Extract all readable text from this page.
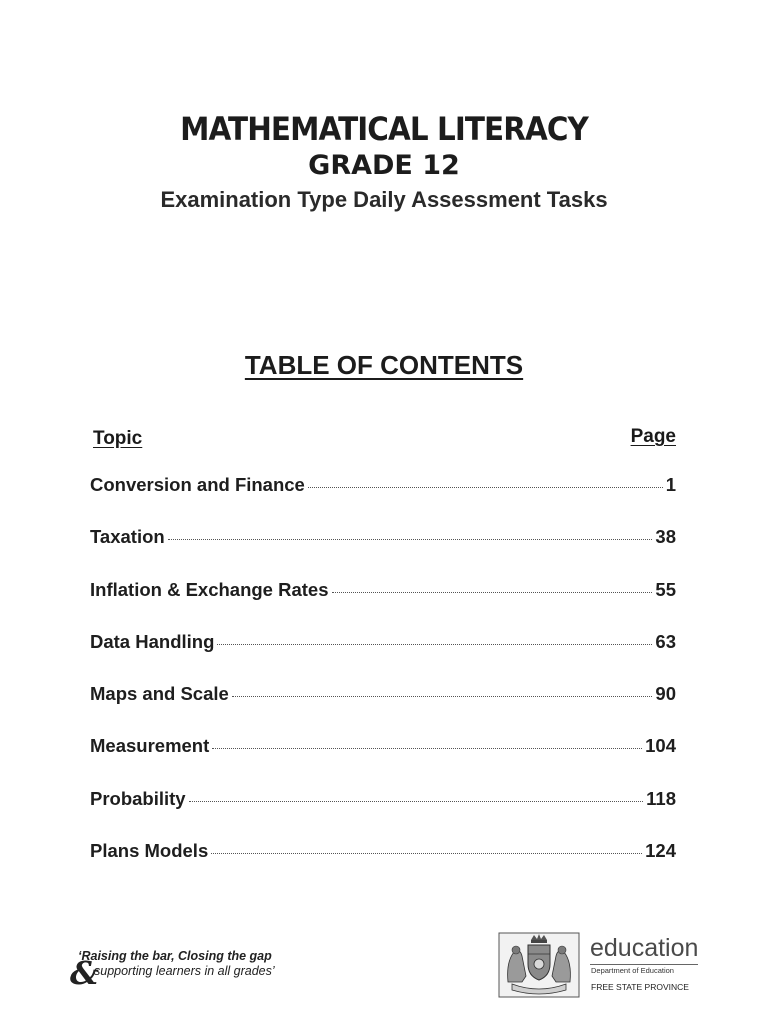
MATHEMATICAL LITERACY
GRADE 12
Examination Type Daily Assessment Tasks
TABLE OF CONTENTS
Topic	Page
Conversion and Finance	1
Taxation	38
Inflation & Exchange Rates	55
Data Handling	63
Maps and Scale	90
Measurement	104
Probability	118
Plans Models	124
&
‘Raising the bar, Closing the gap
supporting learners in all grades’
education
Department of Education
FREE STATE PROVINCE
